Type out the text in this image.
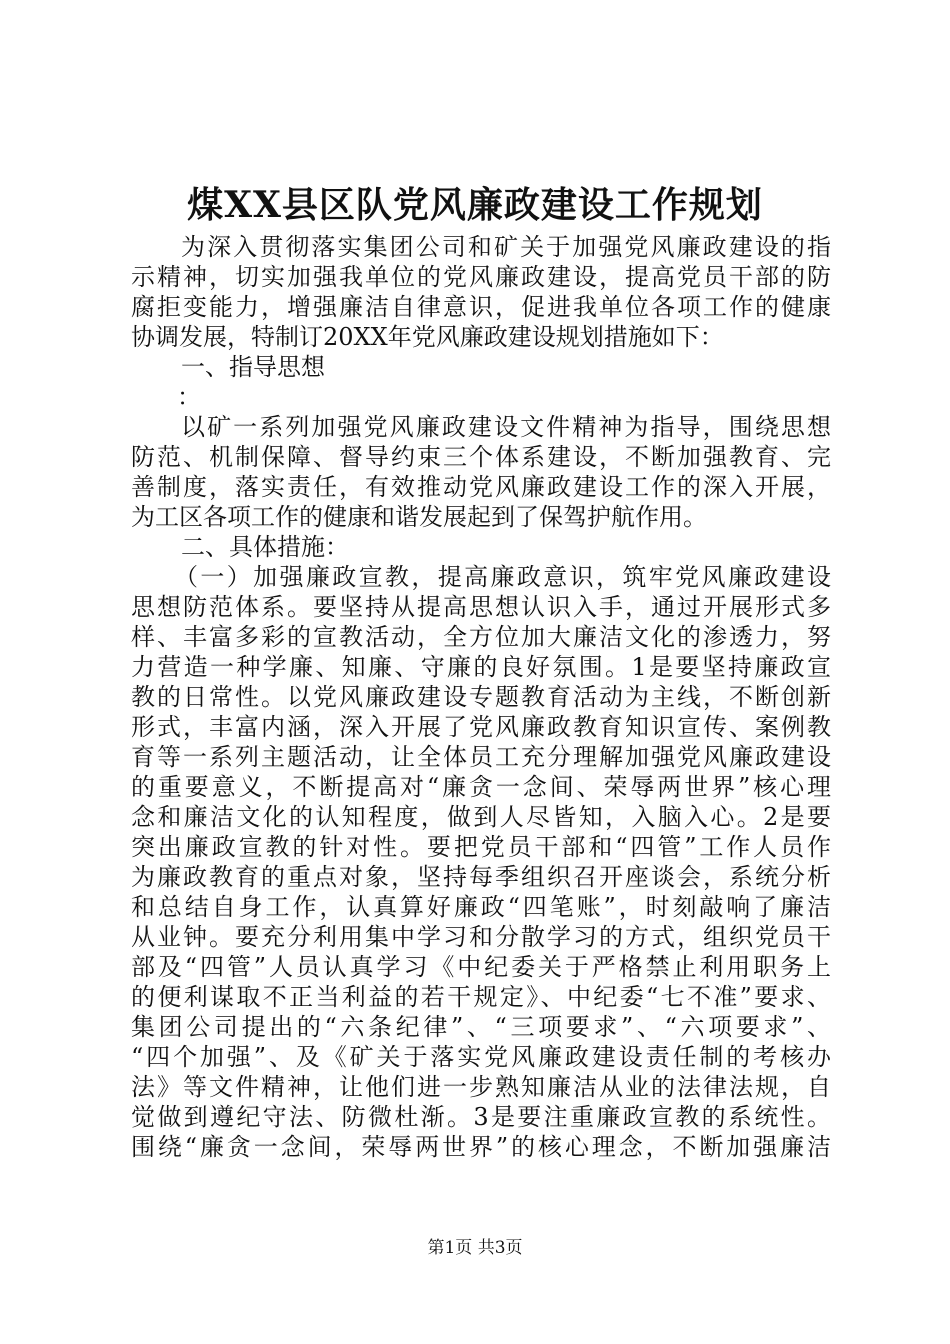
煤XX县区队党风廉政建设工作规划
为深入贯彻落实集团公司和矿关于加强党风廉政建设的指
示精神，切实加强我单位的党风廉政建设，提高党员干部的防
腐拒变能力，增强廉洁自律意识，促进我单位各项工作的健康
协调发展，特制订20XX年党风廉政建设规划措施如下：
一、指导思想
：
以矿一系列加强党风廉政建设文件精神为指导，围绕思想
防范、机制保障、督导约束三个体系建设，不断加强教育、完
善制度，落实责任，有效推动党风廉政建设工作的深入开展，
为工区各项工作的健康和谐发展起到了保驾护航作用。
二、具体措施：
（一）加强廉政宣教，提高廉政意识，筑牢党风廉政建设
思想防范体系。要坚持从提高思想认识入手，通过开展形式多
样、丰富多彩的宣教活动，全方位加大廉洁文化的渗透力，努
力营造一种学廉、知廉、守廉的良好氛围。1是要坚持廉政宣
教的日常性。以党风廉政建设专题教育活动为主线，不断创新
形式，丰富内涵，深入开展了党风廉政教育知识宣传、案例教
育等一系列主题活动，让全体员工充分理解加强党风廉政建设
的重要意义，不断提高对“廉贪一念间、荣辱两世界”核心理
念和廉洁文化的认知程度，做到人尽皆知，入脑入心。2是要
突出廉政宣教的针对性。要把党员干部和“四管”工作人员作
为廉政教育的重点对象，坚持每季组织召开座谈会，系统分析
和总结自身工作，认真算好廉政“四笔账”，时刻敲响了廉洁
从业钟。要充分利用集中学习和分散学习的方式，组织党员干
部及“四管”人员认真学习《中纪委关于严格禁止利用职务上
的便利谋取不正当利益的若干规定》、中纪委“七不准”要求、
集团公司提出的“六条纪律”、“三项要求”、“六项要求”、
“四个加强”、及《矿关于落实党风廉政建设责任制的考核办
法》等文件精神，让他们进一步熟知廉洁从业的法律法规，自
觉做到遵纪守法、防微杜渐。3是要注重廉政宣教的系统性。
围绕“廉贪一念间，荣辱两世界”的核心理念，不断加强廉洁
第1页 共3页
